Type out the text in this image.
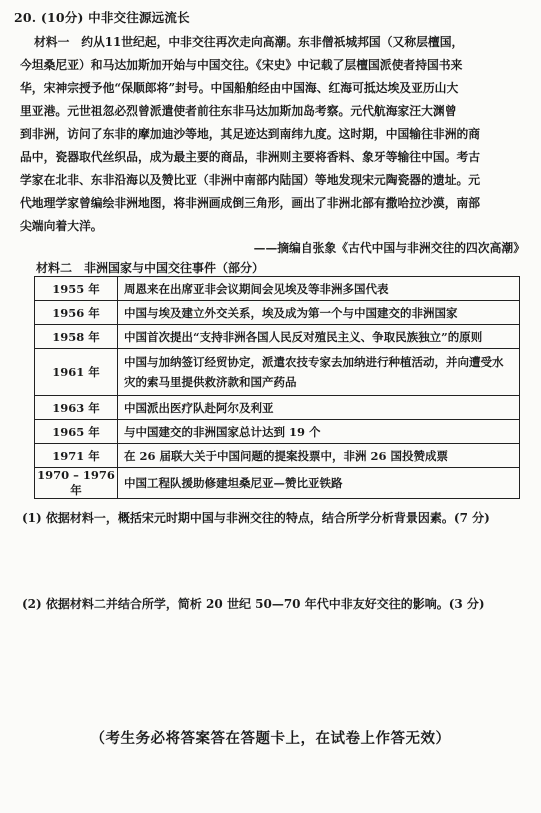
20. (10分) 中非交往源远流长
材料一　约从11世纪起，中非交往再次走向高潮。东非僧祇城邦国（又称层檀国，
今坦桑尼亚）和马达加斯加开始与中国交往。《宋史》中记载了层檀国派使者持国书来
华，宋神宗授予他“保顺郎将”封号。中国船舶经由中国海、红海可抵达埃及亚历山大
里亚港。元世祖忽必烈曾派遣使者前往东非马达加斯加岛考察。元代航海家汪大渊曾
到非洲，访问了东非的摩加迪沙等地，其足迹达到南纬九度。这时期，中国输往非洲的商
品中，瓷器取代丝织品，成为最主要的商品，非洲则主要将香料、象牙等输往中国。考古
学家在北非、东非沿海以及赞比亚（非洲中南部内陆国）等地发现宋元陶瓷器的遗址。元
代地理学家曾编绘非洲地图，将非洲画成倒三角形，画出了非洲北部有撒哈拉沙漠，南部
尖端向着大洋。
——摘编自张象《古代中国与非洲交往的四次高潮》
材料二　非洲国家与中国交往事件（部分）
1955 年	周恩来在出席亚非会议期间会见埃及等非洲多国代表
1956 年	中国与埃及建立外交关系，埃及成为第一个与中国建交的非洲国家
1958 年	中国首次提出“支持非洲各国人民反对殖民主义、争取民族独立”的原则
1961 年	中国与加纳签订经贸协定，派遣农技专家去加纳进行种植活动，并向遭受水灾的索马里提供救济款和国产药品
1963 年	中国派出医疗队赴阿尔及利亚
1965 年	与中国建交的非洲国家总计达到 19 个
1971 年	在 26 届联大关于中国问题的提案投票中，非洲 26 国投赞成票
1970 – 1976 年	中国工程队援助修建坦桑尼亚—赞比亚铁路
(1) 依据材料一，概括宋元时期中国与非洲交往的特点，结合所学分析背景因素。(7 分)
(2) 依据材料二并结合所学，简析 20 世纪 50—70 年代中非友好交往的影响。(3 分)
（考生务必将答案答在答题卡上，在试卷上作答无效）
